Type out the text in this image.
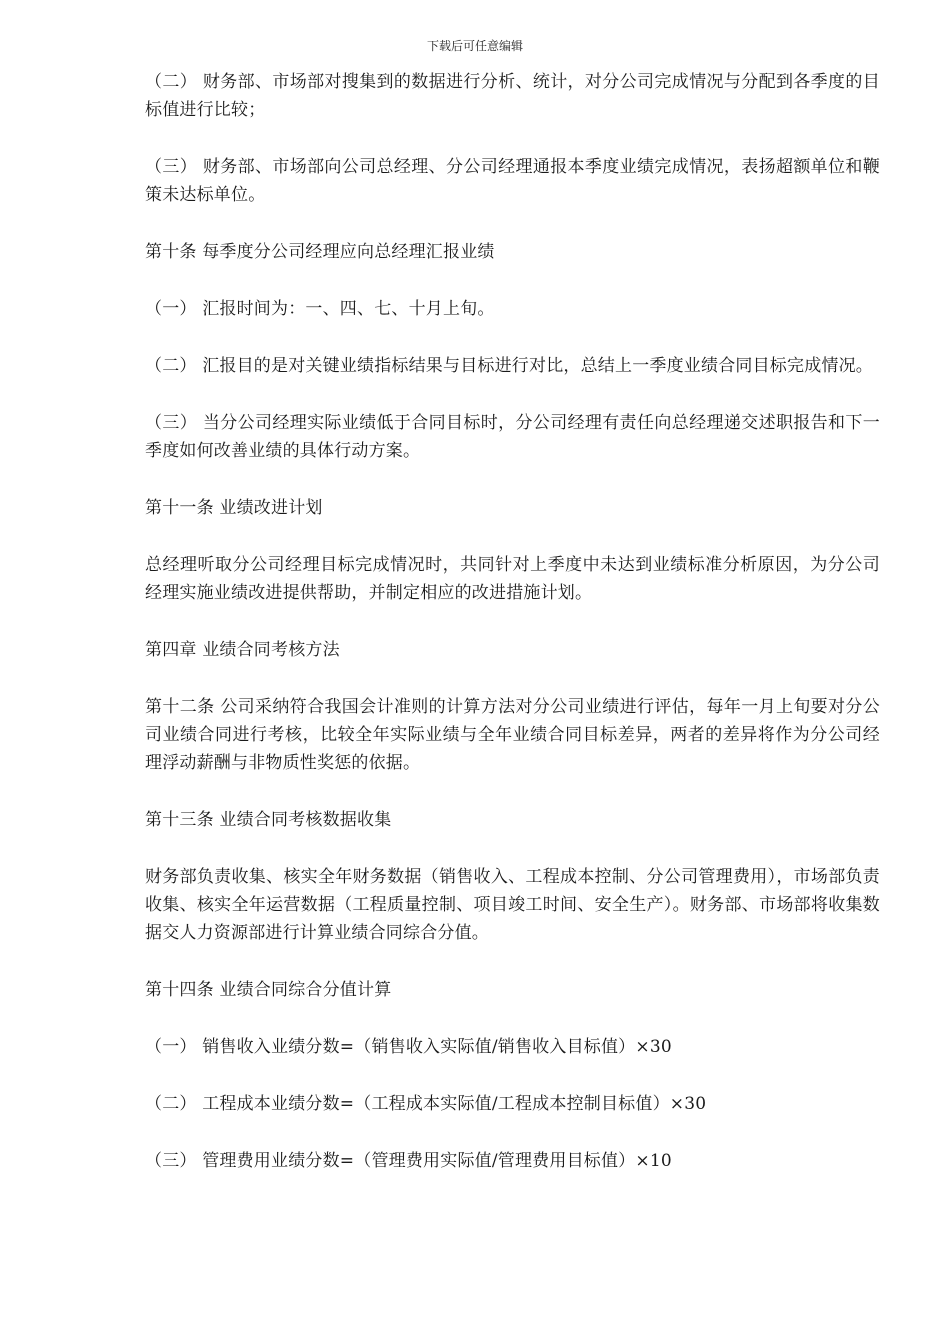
下载后可任意编辑

（二） 财务部、市场部对搜集到的数据进行分析、统计，对分公司完成情况与分配到各季度的目标值进行比较；

（三） 财务部、市场部向公司总经理、分公司经理通报本季度业绩完成情况，表扬超额单位和鞭策未达标单位。

第十条 每季度分公司经理应向总经理汇报业绩

（一） 汇报时间为：一、四、七、十月上旬。

（二） 汇报目的是对关键业绩指标结果与目标进行对比，总结上一季度业绩合同目标完成情况。

（三） 当分公司经理实际业绩低于合同目标时，分公司经理有责任向总经理递交述职报告和下一季度如何改善业绩的具体行动方案。

第十一条 业绩改进计划

总经理听取分公司经理目标完成情况时，共同针对上季度中未达到业绩标准分析原因，为分公司经理实施业绩改进提供帮助，并制定相应的改进措施计划。

第四章 业绩合同考核方法

第十二条 公司采纳符合我国会计准则的计算方法对分公司业绩进行评估，每年一月上旬要对分公司业绩合同进行考核，比较全年实际业绩与全年业绩合同目标差异，两者的差异将作为分公司经理浮动薪酬与非物质性奖惩的依据。

第十三条 业绩合同考核数据收集

财务部负责收集、核实全年财务数据（销售收入、工程成本控制、分公司管理费用），市场部负责收集、核实全年运营数据（工程质量控制、项目竣工时间、安全生产）。财务部、市场部将收集数据交人力资源部进行计算业绩合同综合分值。

第十四条 业绩合同综合分值计算

（一） 销售收入业绩分数=（销售收入实际值/销售收入目标值）×30

（二） 工程成本业绩分数=（工程成本实际值/工程成本控制目标值）×30

（三） 管理费用业绩分数=（管理费用实际值/管理费用目标值）×10
